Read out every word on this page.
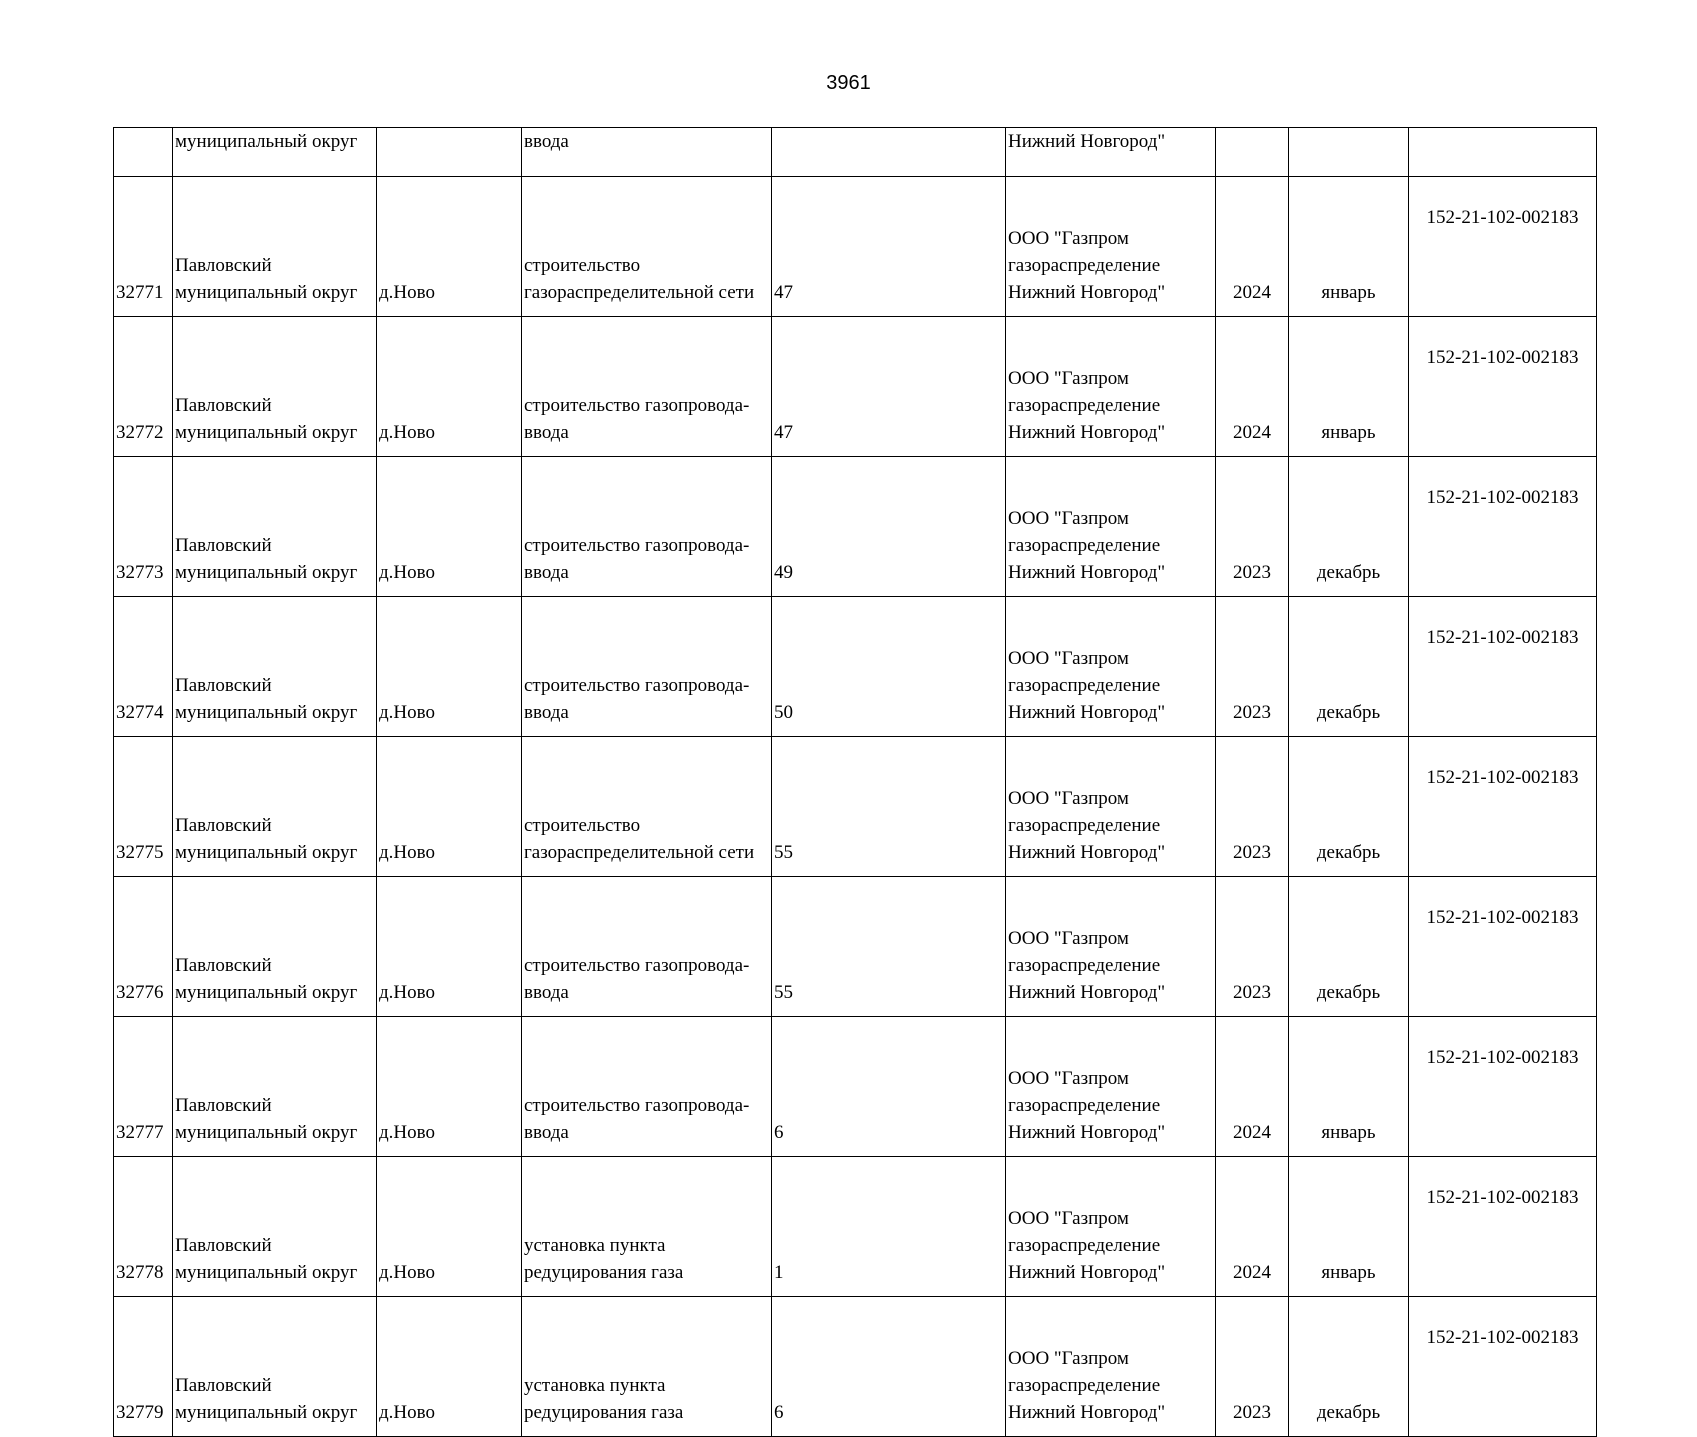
3961
	муниципальный округ		ввода		Нижний Новгород"			
32771	Павловский
муниципальный округ	д.Ново	строительство
газораспределительной сети	47	ООО "Газпром
газораспределение
Нижний Новгород"	2024	январь	152-21-102-002183
32772	Павловский
муниципальный округ	д.Ново	строительство газопровода-
ввода	47	ООО "Газпром
газораспределение
Нижний Новгород"	2024	январь	152-21-102-002183
32773	Павловский
муниципальный округ	д.Ново	строительство газопровода-
ввода	49	ООО "Газпром
газораспределение
Нижний Новгород"	2023	декабрь	152-21-102-002183
32774	Павловский
муниципальный округ	д.Ново	строительство газопровода-
ввода	50	ООО "Газпром
газораспределение
Нижний Новгород"	2023	декабрь	152-21-102-002183
32775	Павловский
муниципальный округ	д.Ново	строительство
газораспределительной сети	55	ООО "Газпром
газораспределение
Нижний Новгород"	2023	декабрь	152-21-102-002183
32776	Павловский
муниципальный округ	д.Ново	строительство газопровода-
ввода	55	ООО "Газпром
газораспределение
Нижний Новгород"	2023	декабрь	152-21-102-002183
32777	Павловский
муниципальный округ	д.Ново	строительство газопровода-
ввода	6	ООО "Газпром
газораспределение
Нижний Новгород"	2024	январь	152-21-102-002183
32778	Павловский
муниципальный округ	д.Ново	установка пункта
редуцирования газа	1	ООО "Газпром
газораспределение
Нижний Новгород"	2024	январь	152-21-102-002183
32779	Павловский
муниципальный округ	д.Ново	установка пункта
редуцирования газа	6	ООО "Газпром
газораспределение
Нижний Новгород"	2023	декабрь	152-21-102-002183
